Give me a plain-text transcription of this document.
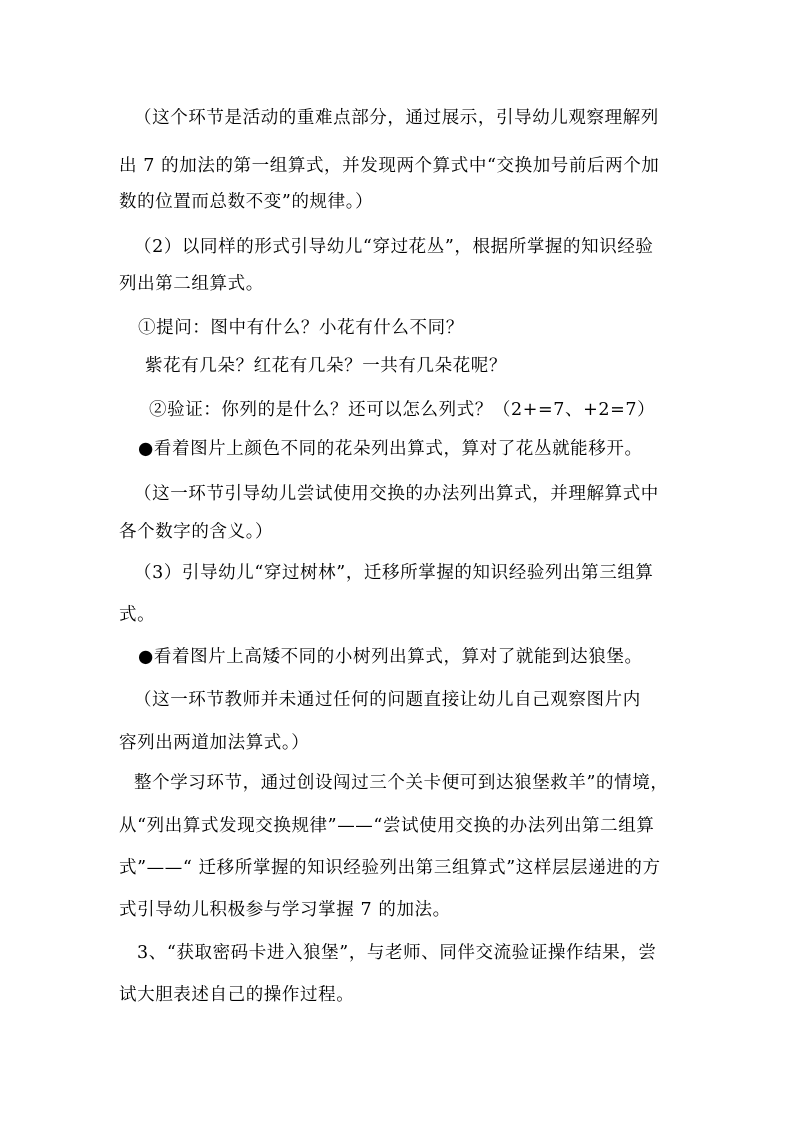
（这个环节是活动的重难点部分，通过展示，引导幼儿观察理解列
出 7 的加法的第一组算式，并发现两个算式中“交换加号前后两个加
数的位置而总数不变”的规律。）
（2）以同样的形式引导幼儿“穿过花丛”，根据所掌握的知识经验
列出第二组算式。
①提问：图中有什么？小花有什么不同？
紫花有几朵？红花有几朵？一共有几朵花呢？
②验证：你列的是什么？还可以怎么列式？（2+=7、+2=7）
●看着图片上颜色不同的花朵列出算式，算对了花丛就能移开。
（这一环节引导幼儿尝试使用交换的办法列出算式，并理解算式中
各个数字的含义。）
（3）引导幼儿“穿过树林”，迁移所掌握的知识经验列出第三组算
式。
●看着图片上高矮不同的小树列出算式，算对了就能到达狼堡。
（这一环节教师并未通过任何的问题直接让幼儿自己观察图片内
容列出两道加法算式。）
整个学习环节，通过创设闯过三个关卡便可到达狼堡救羊”的情境，
从“列出算式发现交换规律”——“尝试使用交换的办法列出第二组算
式”——“ 迁移所掌握的知识经验列出第三组算式”这样层层递进的方
式引导幼儿积极参与学习掌握 7 的加法。
3、“获取密码卡进入狼堡”，与老师、同伴交流验证操作结果，尝
试大胆表述自己的操作过程。
